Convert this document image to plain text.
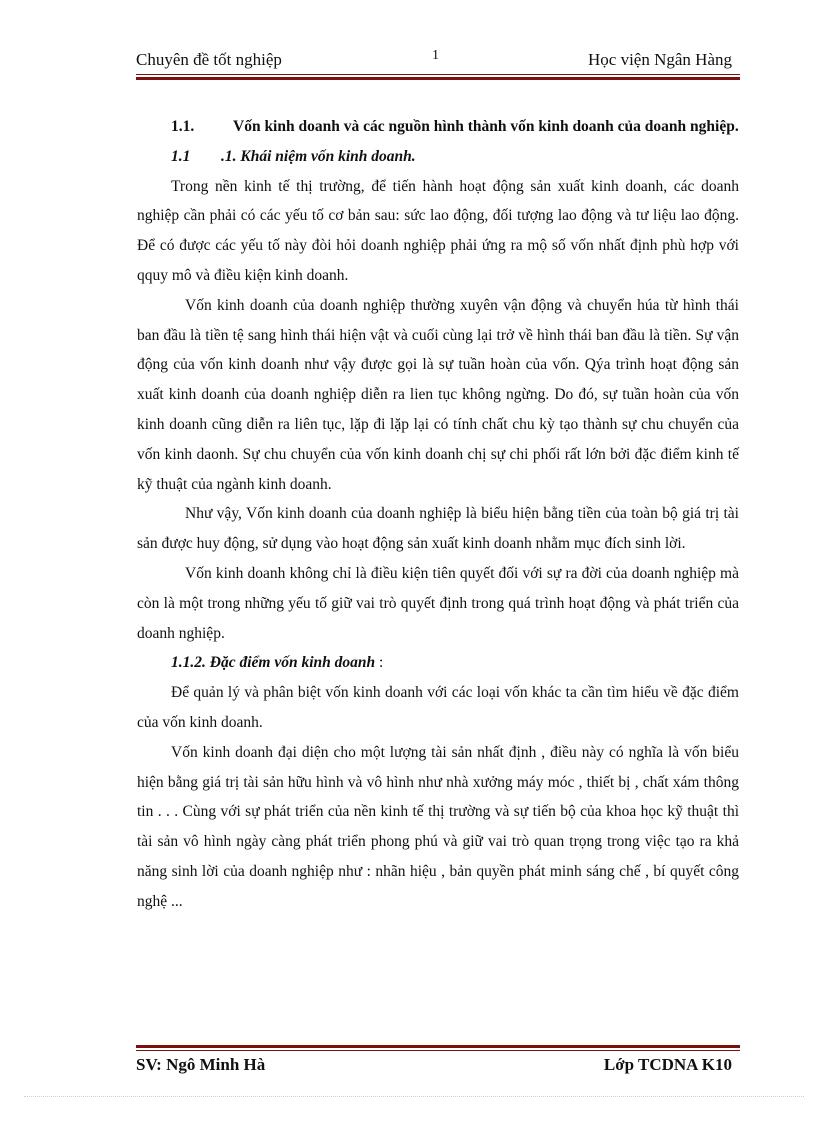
Chuyên đề tốt nghiệp	1	Học viện Ngân Hàng

1.1.	Vốn kinh doanh và các nguồn hình thành vốn kinh doanh của doanh nghiệp.

1.1 .1. Khái niệm vốn kinh doanh.

Trong nền kinh tế thị trường, để tiến hành hoạt động sản xuất kinh doanh, các doanh nghiệp cần phải có các yếu tố cơ bản sau: sức lao động, đối tượng lao động và tư liệu lao động. Để có được các yếu tố này đòi hỏi doanh nghiệp phải ứng ra mộ số vốn nhất định phù hợp với qquy mô và điều kiện kinh doanh.

Vốn kinh doanh của doanh nghiệp thường xuyên vận động và chuyển húa từ hình thái ban đầu là tiền tệ sang hình thái hiện vật và cuối cùng lại trở về hình thái ban đầu là tiền. Sự vận động của vốn kinh doanh như vậy được gọi là sự tuần hoàn của vốn. Qýa trình hoạt động sản xuất kinh doanh của doanh nghiệp diễn ra lien tục không ngừng. Do đó, sự tuần hoàn của vốn kinh doanh cũng diễn ra liên tục, lặp đi lặp lại có tính chất chu kỳ tạo thành sự chu chuyển của vốn kinh daonh. Sự chu chuyển của vốn kinh doanh chị sự chi phối rất lớn bởi đặc điểm kinh tế kỹ thuật của ngành kinh doanh.

Như vậy, Vốn kinh doanh của doanh nghiệp là biểu hiện bằng tiền của toàn bộ giá trị tài sản được huy động, sử dụng vào hoạt động sản xuất kinh doanh nhằm mục đích sinh lời.

Vốn kinh doanh không chỉ là điều kiện tiên quyết đối với sự ra đời của doanh nghiệp mà còn là một trong những yếu tố giữ vai trò quyết định trong quá trình hoạt động và phát triển của doanh nghiệp.

1.1.2. Đặc điểm vốn kinh doanh :

Để quản lý và phân biệt vốn kinh doanh với các loại vốn khác ta cần tìm hiểu về đặc điểm của vốn kinh doanh.

Vốn kinh doanh đại diện cho một lượng tài sản nhất định , điều này có nghĩa là vốn biểu hiện bằng giá trị tài sản hữu hình và vô hình như nhà xưởng máy móc , thiết bị , chất xám thông tin . . . Cùng với sự phát triển của nền kinh tế thị trường và sự tiến bộ của khoa học kỹ thuật thì tài sản vô hình ngày càng phát triển phong phú và giữ vai trò quan trọng trong việc tạo ra khả năng sinh lời của doanh nghiệp như : nhãn hiệu , bản quyền phát minh sáng chế , bí quyết công nghệ ...

SV: Ngô Minh Hà	Lớp TCDNA K10
